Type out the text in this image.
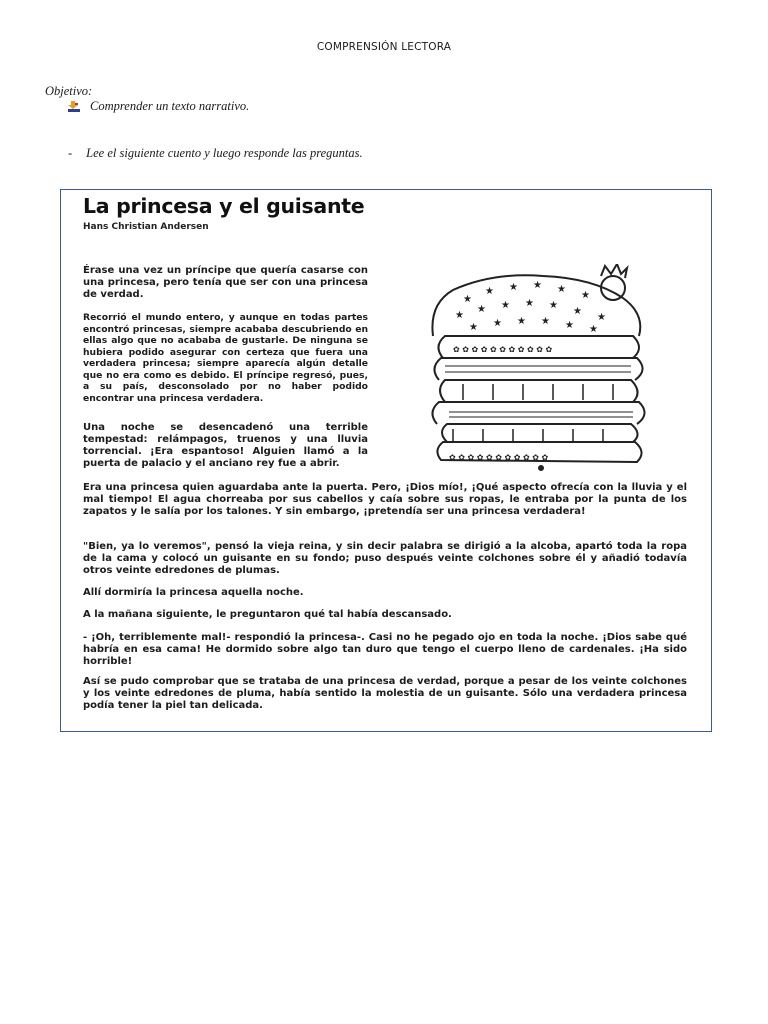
COMPRENSIÓN LECTORA
Objetivo:
Comprender un texto narrativo.
- Lee el siguiente cuento y luego responde las preguntas.
La princesa y el guisante
Hans Christian Andersen

Érase una vez un príncipe que quería casarse con una princesa, pero tenía que ser con una princesa de verdad.

Recorrió el mundo entero, y aunque en todas partes encontró princesas, siempre acababa descubriendo en ellas algo que no acababa de gustarle. De ninguna se hubiera podido asegurar con certeza que fuera una verdadera princesa; siempre aparecía algún detalle que no era como es debido. El príncipe regresó, pues, a su país, desconsolado por no haber podido encontrar una princesa verdadera.

Una noche se desencadenó una terrible tempestad: relámpagos, truenos y una lluvia torrencial. ¡Era espantoso! Alguien llamó a la puerta de palacio y el anciano rey fue a abrir.

Era una princesa quien aguardaba ante la puerta. Pero, ¡Dios mío!, ¡Qué aspecto ofrecía con la lluvia y el mal tiempo! El agua chorreaba por sus cabellos y caía sobre sus ropas, le entraba por la punta de los zapatos y le salía por los talones. Y sin embargo, ¡pretendía ser una princesa verdadera!

"Bien, ya lo veremos", pensó la vieja reina, y sin decir palabra se dirigió a la alcoba, apartó toda la ropa de la cama y colocó un guisante en su fondo; puso después veinte colchones sobre él y añadió todavía otros veinte edredones de plumas.

Allí dormiría la princesa aquella noche.

A la mañana siguiente, le preguntaron qué tal había descansado.

- ¡Oh, terriblemente mal!- respondió la princesa-. Casi no he pegado ojo en toda la noche. ¡Dios sabe qué habría en esa cama! He dormido sobre algo tan duro que tengo el cuerpo lleno de cardenales. ¡Ha sido horrible!

Así se pudo comprobar que se trataba de una princesa de verdad, porque a pesar de los veinte colchones y los veinte edredones de pluma, había sentido la molestia de un guisante. Sólo una verdadera princesa podía tener la piel tan delicada.

★
★ ★ ★ ★
★
★
★ ★ ★ ★
★
★
★ ★ ★ ★ ★ ★
✿ ✿ ✿ ✿ ✿ ✿ ✿ ✿ ✿ ✿ ✿
✿ ✿ ✿ ✿ ✿ ✿ ✿ ✿ ✿ ✿ ✿
